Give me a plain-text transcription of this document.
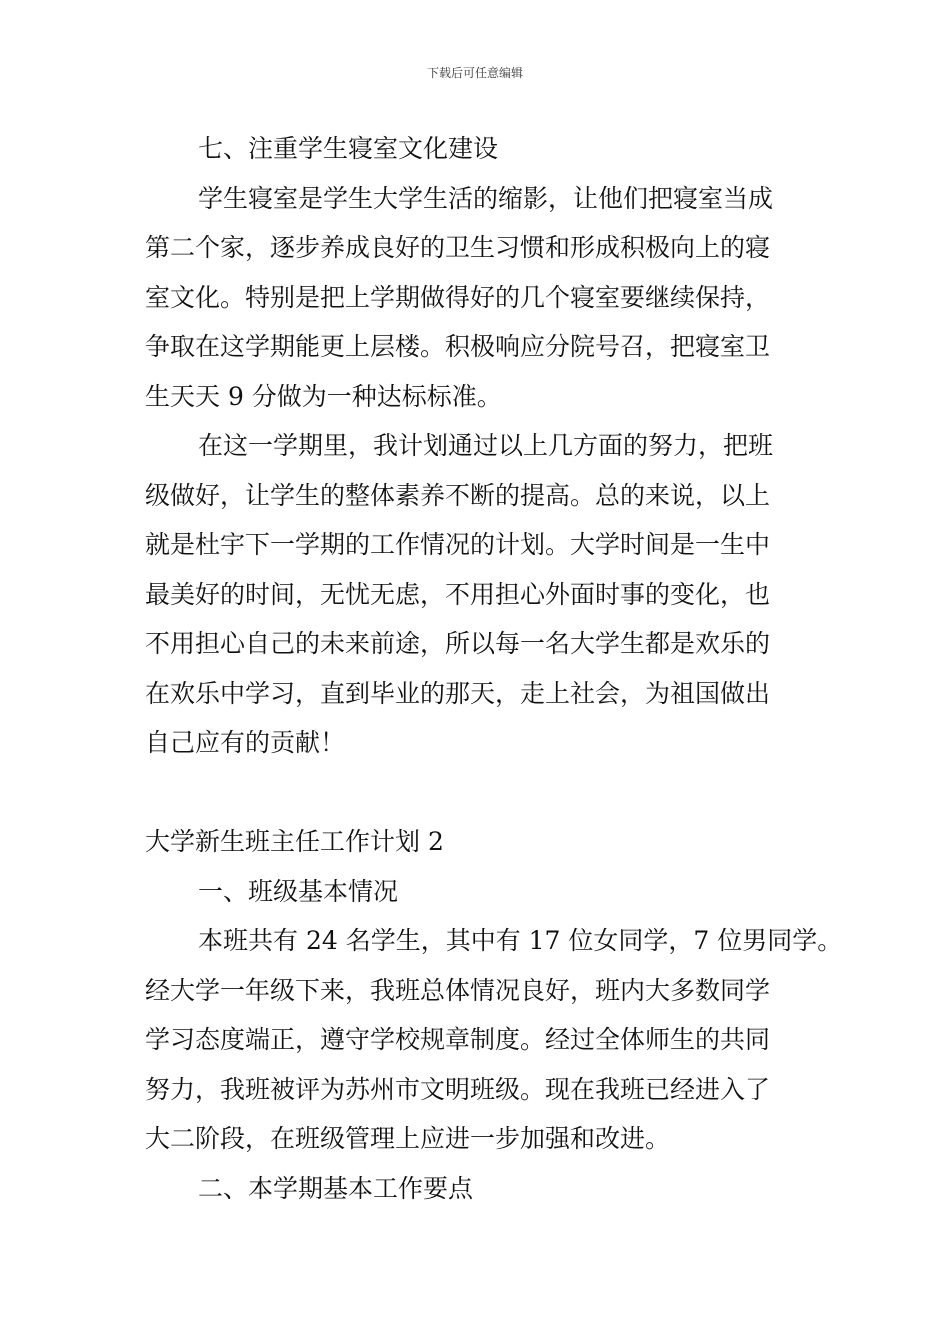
下载后可任意编辑
七、注重学生寝室文化建设
学生寝室是学生大学生活的缩影，让他们把寝室当成
第二个家，逐步养成良好的卫生习惯和形成积极向上的寝
室文化。特别是把上学期做得好的几个寝室要继续保持，
争取在这学期能更上层楼。积极响应分院号召，把寝室卫
生天天 9 分做为一种达标标准。
在这一学期里，我计划通过以上几方面的努力，把班
级做好，让学生的整体素养不断的提高。总的来说，以上
就是杜宇下一学期的工作情况的计划。大学时间是一生中
最美好的时间，无忧无虑，不用担心外面时事的变化，也
不用担心自己的未来前途，所以每一名大学生都是欢乐的
在欢乐中学习，直到毕业的那天，走上社会，为祖国做出
自己应有的贡献！
大学新生班主任工作计划 2
一、班级基本情况
本班共有 24 名学生，其中有 17 位女同学，7 位男同学。
经大学一年级下来，我班总体情况良好，班内大多数同学
学习态度端正，遵守学校规章制度。经过全体师生的共同
努力，我班被评为苏州市文明班级。现在我班已经进入了
大二阶段，在班级管理上应进一步加强和改进。
二、本学期基本工作要点
